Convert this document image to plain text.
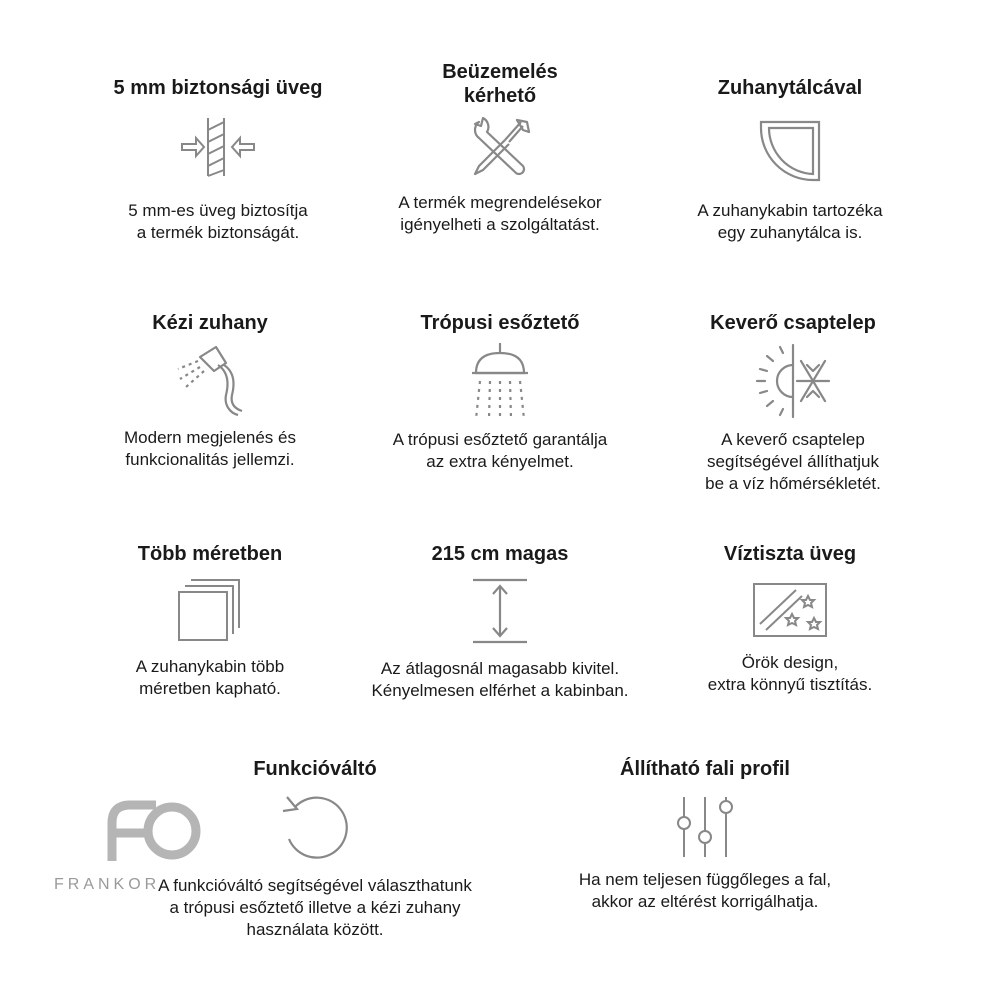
5 mm biztonsági üveg

5 mm-es üveg biztosítja
a termék biztonságát.

Beüzemelés
kérhető

A termék megrendelésekor
igényelheti a szolgáltatást.

Zuhanytálcával

A zuhanykabin tartozéka
egy zuhanytálca is.

Kézi zuhany

Modern megjelenés és
funkcionalitás jellemzi.

Trópusi esőztető

A trópusi esőztető garantálja
az extra kényelmet.

Keverő csaptelep

A keverő csaptelep
segítségével állíthatjuk
be a víz hőmérsékletét.

Több méretben

A zuhanykabin több
méretben kapható.

215 cm magas

Az átlagosnál magasabb kivitel.
Kényelmesen elférhet a kabinban.

Víztiszta üveg

Örök design,
extra könnyű tisztítás.

Funkcióváltó

A funkcióváltó segítségével választhatunk
a trópusi esőztető illetve a kézi zuhany
használata között.

Állítható fali profil

Ha nem teljesen függőleges a fal,
akkor az eltérést korrigálhatja.

FRANKOR
